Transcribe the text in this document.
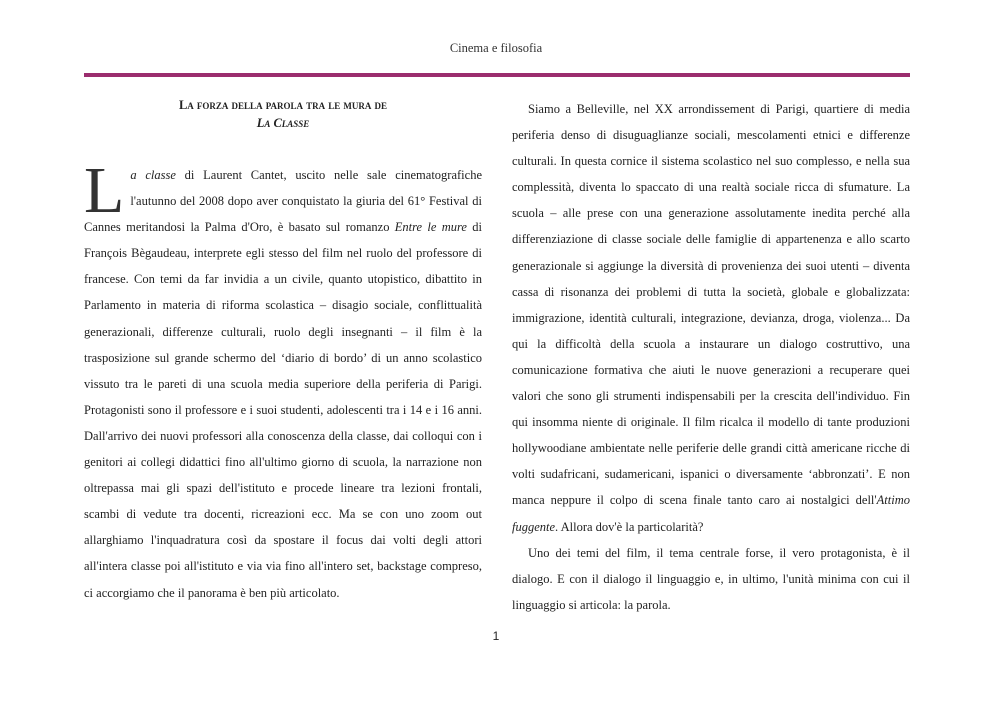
Cinema e filosofia
La forza della parola tra le mura de
La Classe

L a classe di Laurent Cantet, uscito nelle sale cinematografiche l'autunno del 2008 dopo aver conquistato la giuria del 61° Festival di Cannes meritandosi la Palma d'Oro, è basato sul romanzo Entre le mure di François Bègaudeau, interprete egli stesso del film nel ruolo del professore di francese. Con temi da far invidia a un civile, quanto utopistico, dibattito in Parlamento in materia di riforma scolastica – disagio sociale, conflittualità generazionali, differenze culturali, ruolo degli insegnanti – il film è la trasposizione sul grande schermo del ‘diario di bordo’ di un anno scolastico vissuto tra le pareti di una scuola media superiore della periferia di Parigi. Protagonisti sono il professore e i suoi studenti, adolescenti tra i 14 e i 16 anni. Dall'arrivo dei nuovi professori alla conoscenza della classe, dai colloqui con i genitori ai collegi didattici fino all'ultimo giorno di scuola, la narrazione non oltrepassa mai gli spazi dell'istituto e procede lineare tra lezioni frontali, scambi di vedute tra docenti, ricreazioni ecc. Ma se con uno zoom out allarghiamo l'inquadratura così da spostare il focus dai volti degli attori all'intera classe poi all'istituto e via via fino all'intero set, backstage compreso, ci accorgiamo che il panorama è ben più articolato.

Siamo a Belleville, nel XX arrondissement di Parigi, quartiere di media periferia denso di disuguaglianze sociali, mescolamenti etnici e differenze culturali. In questa cornice il sistema scolastico nel suo complesso, e nella sua complessità, diventa lo spaccato di una realtà sociale ricca di sfumature. La scuola – alle prese con una generazione assolutamente inedita perché alla differenziazione di classe sociale delle famiglie di appartenenza e allo scarto generazionale si aggiunge la diversità di provenienza dei suoi utenti – diventa cassa di risonanza dei problemi di tutta la società, globale e globalizzata: immigrazione, identità culturali, integrazione, devianza, droga, violenza... Da qui la difficoltà della scuola a instaurare un dialogo costruttivo, una comunicazione formativa che aiuti le nuove generazioni a recuperare quei valori che sono gli strumenti indispensabili per la crescita dell'individuo. Fin qui insomma niente di originale. Il film ricalca il modello di tante produzioni hollywoodiane ambientate nelle periferie delle grandi città americane ricche di volti sudafricani, sudamericani, ispanici o diversamente ‘abbronzati’. E non manca neppure il colpo di scena finale tanto caro ai nostalgici dell'Attimo fuggente. Allora dov'è la particolarità?

Uno dei temi del film, il tema centrale forse, il vero protagonista, è il dialogo. E con il dialogo il linguaggio e, in ultimo, l'unità minima con cui il linguaggio si articola: la parola.

1
